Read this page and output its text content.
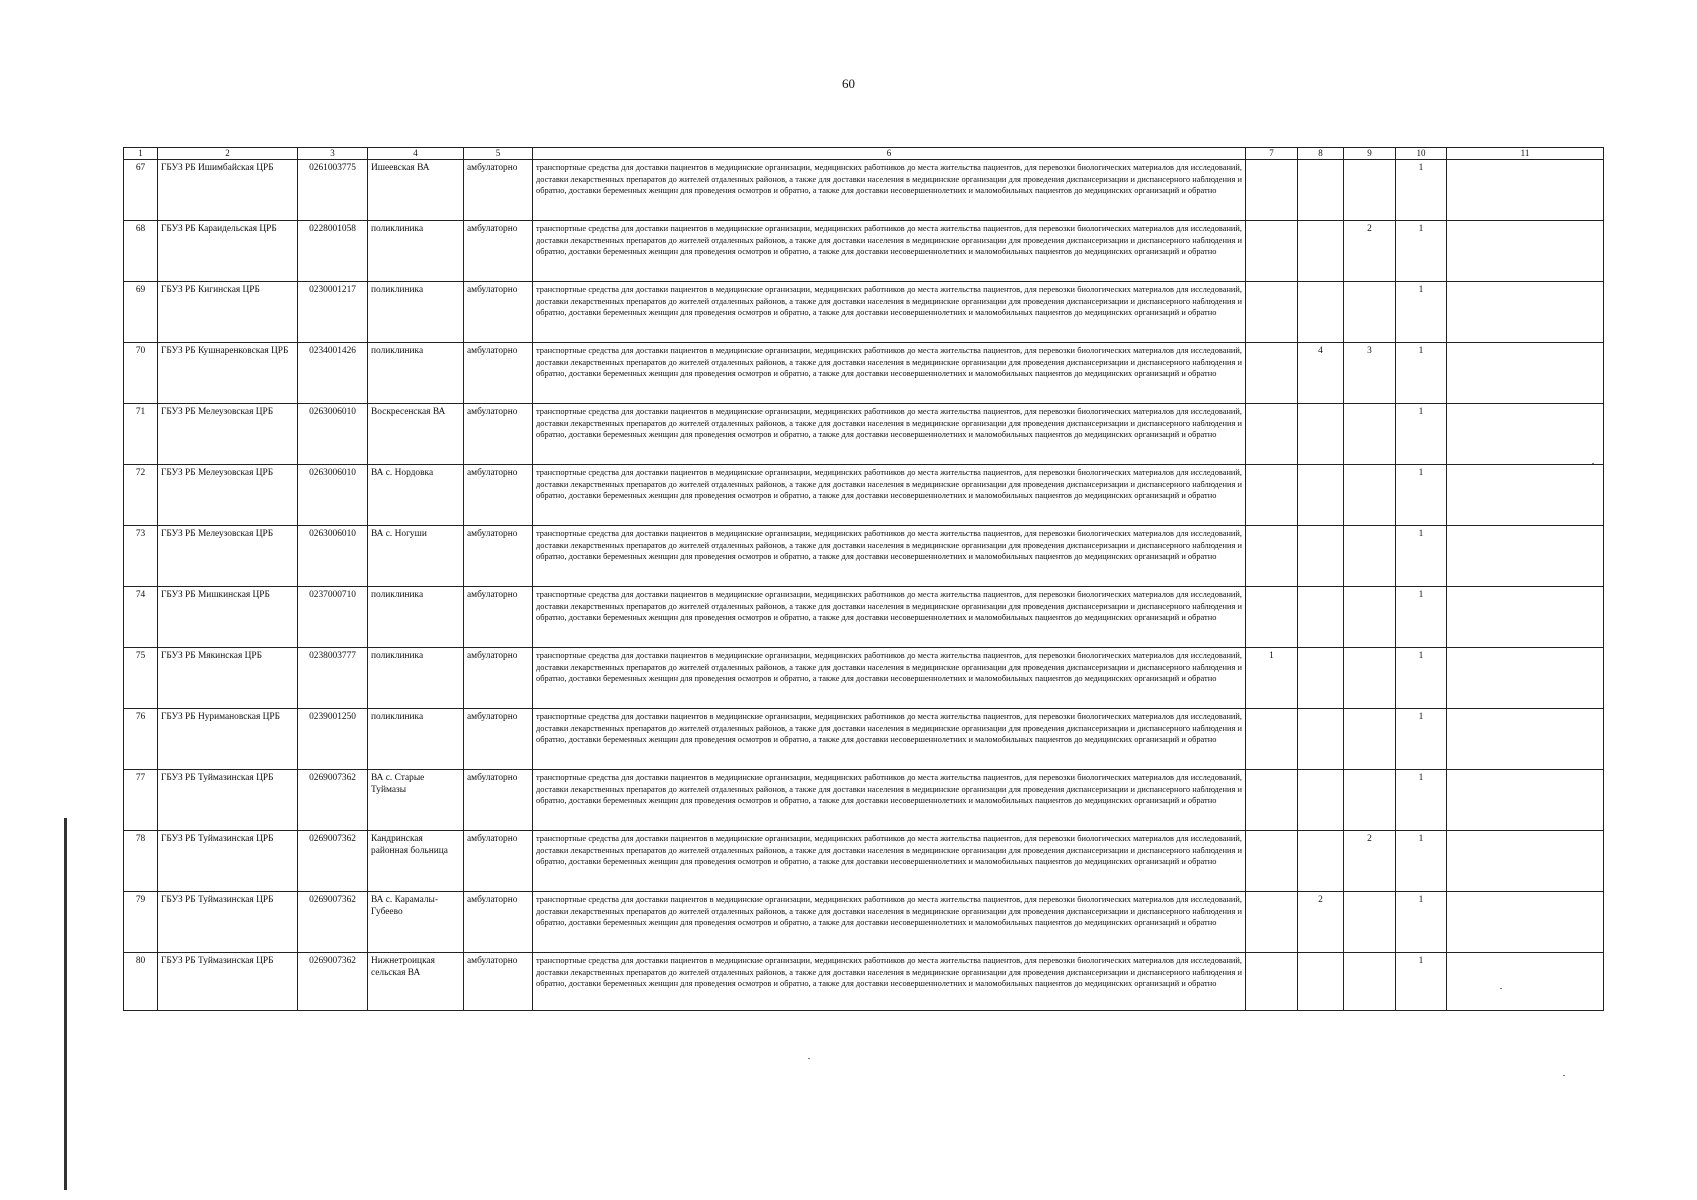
60
1	2	3	4	5	6	7	8	9	10	11
67	ГБУЗ РБ Ишимбайская ЦРБ	0261003775	Ишеевская ВА	амбулаторно	транспортные средства для доставки пациентов в медицинские организации, медицинских работников до места жительства пациентов, для перевозки биологических материалов для исследований, доставки лекарственных препаратов до жителей отдаленных районов, а также для доставки населения в медицинские организации для проведения диспансеризации и диспансерного наблюдения и обратно, доставки беременных женщин для проведения осмотров и обратно, а также для доставки несовершеннолетних и маломобильных пациентов до медицинских организаций и обратно				1	
68	ГБУЗ РБ Караидельская ЦРБ	0228001058	поликлиника	амбулаторно	транспортные средства для доставки пациентов в медицинские организации, медицинских работников до места жительства пациентов, для перевозки биологических материалов для исследований, доставки лекарственных препаратов до жителей отдаленных районов, а также для доставки населения в медицинские организации для проведения диспансеризации и диспансерного наблюдения и обратно, доставки беременных женщин для проведения осмотров и обратно, а также для доставки несовершеннолетних и маломобильных пациентов до медицинских организаций и обратно			2	1	
69	ГБУЗ РБ Кигинская ЦРБ	0230001217	поликлиника	амбулаторно	транспортные средства для доставки пациентов в медицинские организации, медицинских работников до места жительства пациентов, для перевозки биологических материалов для исследований, доставки лекарственных препаратов до жителей отдаленных районов, а также для доставки населения в медицинские организации для проведения диспансеризации и диспансерного наблюдения и обратно, доставки беременных женщин для проведения осмотров и обратно, а также для доставки несовершеннолетних и маломобильных пациентов до медицинских организаций и обратно				1	
70	ГБУЗ РБ Кушнаренковская ЦРБ	0234001426	поликлиника	амбулаторно	транспортные средства для доставки пациентов в медицинские организации, медицинских работников до места жительства пациентов, для перевозки биологических материалов для исследований, доставки лекарственных препаратов до жителей отдаленных районов, а также для доставки населения в медицинские организации для проведения диспансеризации и диспансерного наблюдения и обратно, доставки беременных женщин для проведения осмотров и обратно, а также для доставки несовершеннолетних и маломобильных пациентов до медицинских организаций и обратно		4	3	1	
71	ГБУЗ РБ Мелеузовская ЦРБ	0263006010	Воскресенская ВА	амбулаторно	транспортные средства для доставки пациентов в медицинские организации, медицинских работников до места жительства пациентов, для перевозки биологических материалов для исследований, доставки лекарственных препаратов до жителей отдаленных районов, а также для доставки населения в медицинские организации для проведения диспансеризации и диспансерного наблюдения и обратно, доставки беременных женщин для проведения осмотров и обратно, а также для доставки несовершеннолетних и маломобильных пациентов до медицинских организаций и обратно				1	
72	ГБУЗ РБ Мелеузовская ЦРБ	0263006010	ВА с. Нордовка	амбулаторно	транспортные средства для доставки пациентов в медицинские организации, медицинских работников до места жительства пациентов, для перевозки биологических материалов для исследований, доставки лекарственных препаратов до жителей отдаленных районов, а также для доставки населения в медицинские организации для проведения диспансеризации и диспансерного наблюдения и обратно, доставки беременных женщин для проведения осмотров и обратно, а также для доставки несовершеннолетних и маломобильных пациентов до медицинских организаций и обратно				1	
73	ГБУЗ РБ Мелеузовская ЦРБ	0263006010	ВА с. Ногуши	амбулаторно	транспортные средства для доставки пациентов в медицинские организации, медицинских работников до места жительства пациентов, для перевозки биологических материалов для исследований, доставки лекарственных препаратов до жителей отдаленных районов, а также для доставки населения в медицинские организации для проведения диспансеризации и диспансерного наблюдения и обратно, доставки беременных женщин для проведения осмотров и обратно, а также для доставки несовершеннолетних и маломобильных пациентов до медицинских организаций и обратно				1	
74	ГБУЗ РБ Мишкинская ЦРБ	0237000710	поликлиника	амбулаторно	транспортные средства для доставки пациентов в медицинские организации, медицинских работников до места жительства пациентов, для перевозки биологических материалов для исследований, доставки лекарственных препаратов до жителей отдаленных районов, а также для доставки населения в медицинские организации для проведения диспансеризации и диспансерного наблюдения и обратно, доставки беременных женщин для проведения осмотров и обратно, а также для доставки несовершеннолетних и маломобильных пациентов до медицинских организаций и обратно				1	
75	ГБУЗ РБ Мякинская ЦРБ	0238003777	поликлиника	амбулаторно	транспортные средства для доставки пациентов в медицинские организации, медицинских работников до места жительства пациентов, для перевозки биологических материалов для исследований, доставки лекарственных препаратов до жителей отдаленных районов, а также для доставки населения в медицинские организации для проведения диспансеризации и диспансерного наблюдения и обратно, доставки беременных женщин для проведения осмотров и обратно, а также для доставки несовершеннолетних и маломобильных пациентов до медицинских организаций и обратно	1			1	
76	ГБУЗ РБ Нуримановская ЦРБ	0239001250	поликлиника	амбулаторно	транспортные средства для доставки пациентов в медицинские организации, медицинских работников до места жительства пациентов, для перевозки биологических материалов для исследований, доставки лекарственных препаратов до жителей отдаленных районов, а также для доставки населения в медицинские организации для проведения диспансеризации и диспансерного наблюдения и обратно, доставки беременных женщин для проведения осмотров и обратно, а также для доставки несовершеннолетних и маломобильных пациентов до медицинских организаций и обратно				1	
77	ГБУЗ РБ Туймазинская ЦРБ	0269007362	ВА с. Старые Туймазы	амбулаторно	транспортные средства для доставки пациентов в медицинские организации, медицинских работников до места жительства пациентов, для перевозки биологических материалов для исследований, доставки лекарственных препаратов до жителей отдаленных районов, а также для доставки населения в медицинские организации для проведения диспансеризации и диспансерного наблюдения и обратно, доставки беременных женщин для проведения осмотров и обратно, а также для доставки несовершеннолетних и маломобильных пациентов до медицинских организаций и обратно				1	
78	ГБУЗ РБ Туймазинская ЦРБ	0269007362	Кандринская районная больница	амбулаторно	транспортные средства для доставки пациентов в медицинские организации, медицинских работников до места жительства пациентов, для перевозки биологических материалов для исследований, доставки лекарственных препаратов до жителей отдаленных районов, а также для доставки населения в медицинские организации для проведения диспансеризации и диспансерного наблюдения и обратно, доставки беременных женщин для проведения осмотров и обратно, а также для доставки несовершеннолетних и маломобильных пациентов до медицинских организаций и обратно			2	1	
79	ГБУЗ РБ Туймазинская ЦРБ	0269007362	ВА с. Карамалы-Губеево	амбулаторно	транспортные средства для доставки пациентов в медицинские организации, медицинских работников до места жительства пациентов, для перевозки биологических материалов для исследований, доставки лекарственных препаратов до жителей отдаленных районов, а также для доставки населения в медицинские организации для проведения диспансеризации и диспансерного наблюдения и обратно, доставки беременных женщин для проведения осмотров и обратно, а также для доставки несовершеннолетних и маломобильных пациентов до медицинских организаций и обратно		2		1	
80	ГБУЗ РБ Туймазинская ЦРБ	0269007362	Нижнетроицкая сельская ВА	амбулаторно	транспортные средства для доставки пациентов в медицинские организации, медицинских работников до места жительства пациентов, для перевозки биологических материалов для исследований, доставки лекарственных препаратов до жителей отдаленных районов, а также для доставки населения в медицинские организации для проведения диспансеризации и диспансерного наблюдения и обратно, доставки беременных женщин для проведения осмотров и обратно, а также для доставки несовершеннолетних и маломобильных пациентов до медицинских организаций и обратно				1	
